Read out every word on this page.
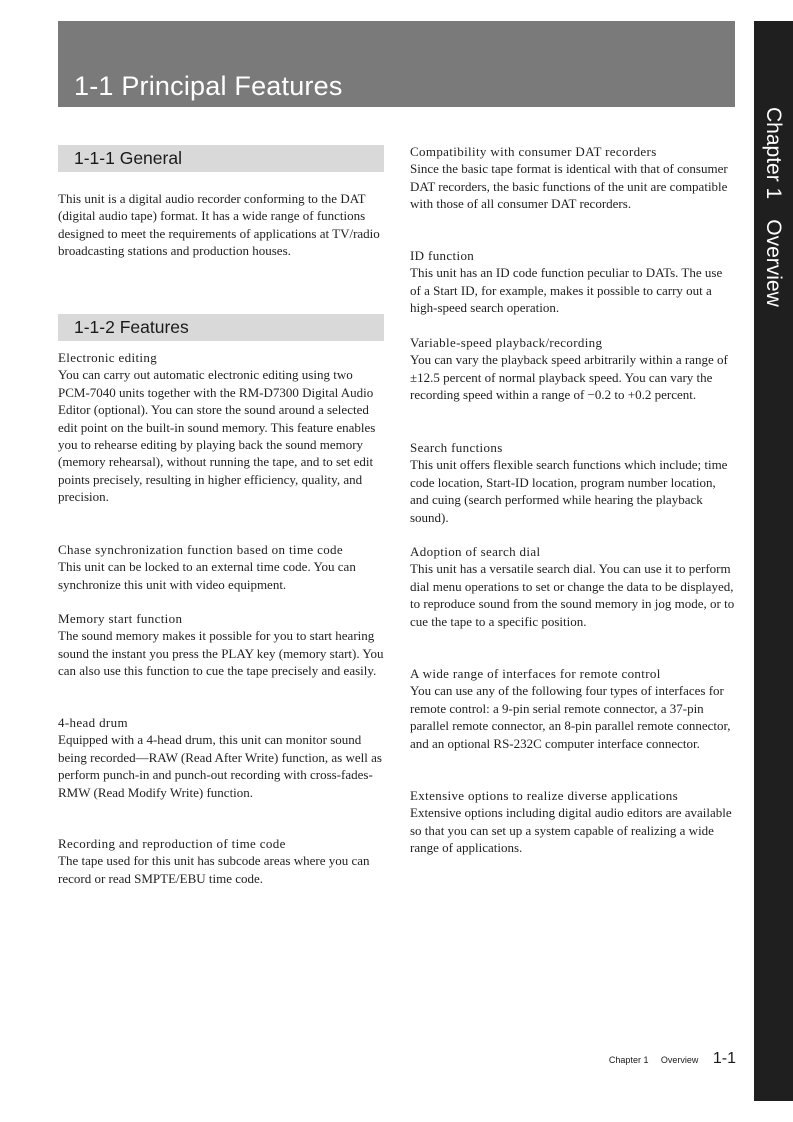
1-1 Principal Features
Chapter 1Overview
1-1-1 General

This unit is a digital audio recorder conforming to the DAT (digital audio tape) format. It has a wide range of functions designed to meet the requirements of applications at TV/radio broadcasting stations and production houses.

1-1-2 Features

Electronic editing

You can carry out automatic electronic editing using two PCM-7040 units together with the RM-D7300 Digital Audio Editor (optional). You can store the sound around a selected edit point on the built-in sound memory. This feature enables you to rehearse editing by playing back the sound memory (memory rehearsal), without running the tape, and to set edit points precisely, resulting in higher efficiency, quality, and precision.

Chase synchronization function based on time code

This unit can be locked to an external time code. You can synchronize this unit with video equipment.

Memory start function

The sound memory makes it possible for you to start hearing sound the instant you press the PLAY key (memory start). You can also use this function to cue the tape precisely and easily.

4-head drum

Equipped with a 4-head drum, this unit can monitor sound being recorded—RAW (Read After Write) function, as well as perform punch-in and punch-out recording with cross-fades-RMW (Read Modify Write) function.

Recording and reproduction of time code

The tape used for this unit has subcode areas where you can record or read SMPTE/EBU time code.

Compatibility with consumer DAT recorders

Since the basic tape format is identical with that of consumer DAT recorders, the basic functions of the unit are compatible with those of all consumer DAT recorders.

ID function

This unit has an ID code function peculiar to DATs. The use of a Start ID, for example, makes it possible to carry out a high-speed search operation.

Variable-speed playback/recording

You can vary the playback speed arbitrarily within a range of ±12.5 percent of normal playback speed. You can vary the recording speed within a range of −0.2 to +0.2 percent.

Search functions

This unit offers flexible search functions which include; time code location, Start-ID location, program number location, and cuing (search performed while hearing the playback sound).

Adoption of search dial

This unit has a versatile search dial. You can use it to perform dial menu operations to set or change the data to be displayed, to reproduce sound from the sound memory in jog mode, or to cue the tape to a specific position.

A wide range of interfaces for remote control

You can use any of the following four types of interfaces for remote control: a 9-pin serial remote connector, a 37-pin parallel remote connector, an 8-pin parallel remote connector, and an optional RS-232C computer interface connector.

Extensive options to realize diverse applications

Extensive options including digital audio editors are available so that you can set up a system capable of realizing a wide range of applications.

Chapter 1 Overview 1-1
